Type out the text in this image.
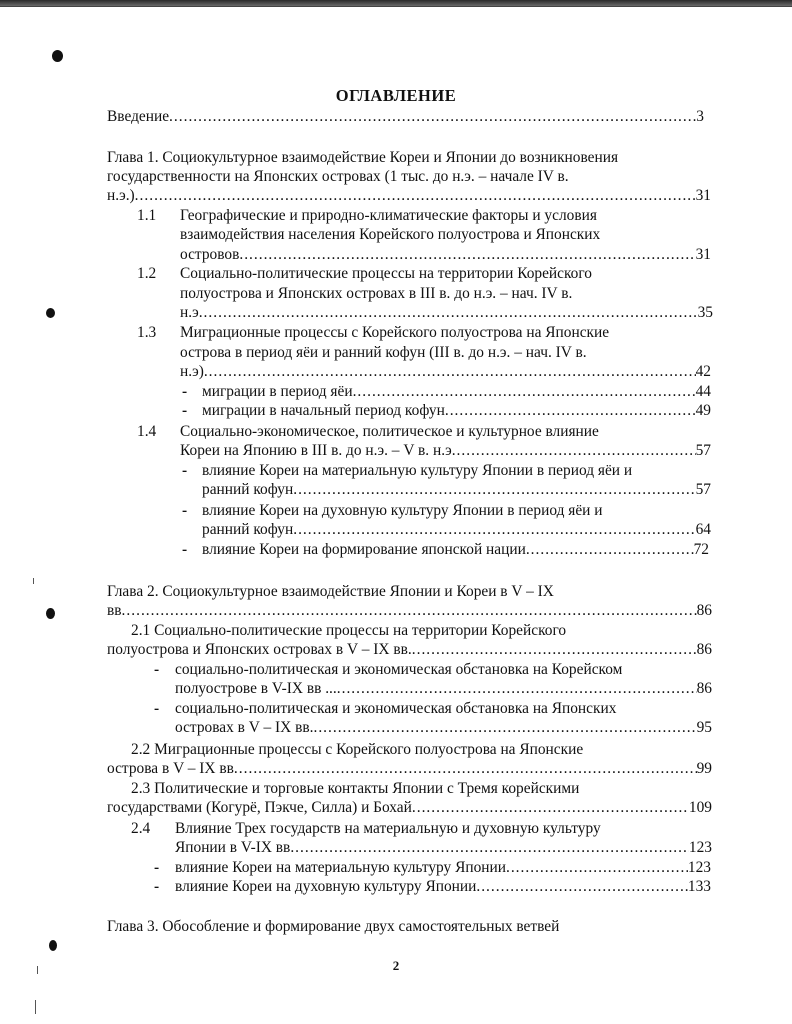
ОГЛАВЛЕНИЕ
Введение .....	3
Глава 1. Социокультурное взаимодействие Кореи и Японии до возникновения
государственности на Японских островах (1 тыс. до н.э. – начале IV в.
н.э.) .....	31
1.1 Географические и природно-климатические факторы и условия
взаимодействия населения Корейского полуострова и Японских
островов .....	31
1.2 Социально-политические процессы на территории Корейского
полуострова и Японских островах в III в. до н.э. – нач. IV в.
н.э .....	35
1.3 Миграционные процессы с Корейского полуострова на Японские
острова в период яёи и ранний кофун (III в. до н.э. – нач. IV в.
н.э) .....	42
- миграции в период яёи .....	44
- миграции в начальный период кофун .....	49
1.4 Социально-экономическое, политическое и культурное влияние
Кореи на Японию в III в. до н.э. – V в. н.э .....	57
- влияние Кореи на материальную культуру Японии в период яёи и
ранний кофун .....	57
- влияние Кореи на духовную культуру Японии в период яёи и
ранний кофун .....	64
- влияние Кореи на формирование японской нации .....	72
Глава 2. Социокультурное взаимодействие Японии и Кореи в V – IX
вв .....	86
2.1 Социально-политические процессы на территории Корейского
полуострова и Японских островах в V – IX вв. .....	86
- социально-политическая и экономическая обстановка на Корейском
полуострове в V-IX вв ... .....	86
- социально-политическая и экономическая обстановка на Японских
островах в V – IX вв. .....	95
2.2 Миграционные процессы с Корейского полуострова на Японские
острова в V – IX вв .....	99
2.3 Политические и торговые контакты Японии с Тремя корейскими
государствами (Когурё, Пэкче, Силла) и Бохай .....	109
2.4 Влияние Трех государств на материальную и духовную культуру
Японии в V-IX вв .....	123
- влияние Кореи на материальную культуру Японии .....	123
- влияние Кореи на духовную культуру Японии .....	133
Глава 3. Обособление и формирование двух самостоятельных ветвей
2
